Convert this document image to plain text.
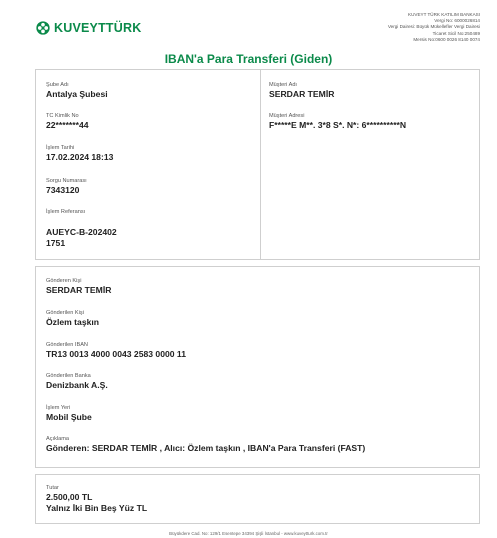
KUVEYTTÜRK
KUVEYT TÜRK KATILIM BANKASI
Vergi No: 6000026814
Vergi Dairesi: Büyük Mükellefler Vergi Dairesi
Ticaret Sicil No:250489
Mersis No:0600 0026 8140 0074
IBAN'a Para Transferi (Giden)
Şube Adı
Antalya Şubesi
TC Kimlik No
22*******44
İşlem Tarihi
17.02.2024 18:13
Sorgu Numarası
7343120
İşlem Referansı
AUEYC-B-202402
1751
Müşteri Adı
SERDAR TEMİR
Müşteri Adresi
F*****E M**. 3*8 S*. N*: 6**********N
Gönderen Kişi
SERDAR TEMİR
Gönderilen Kişi
Özlem taşkın
Gönderilen IBAN
TR13 0013 4000 0043 2583 0000 11
Gönderilen Banka
Denizbank A.Ş.
İşlem Yeri
Mobil Şube
Açıklama
Gönderen: SERDAR TEMİR , Alıcı: Özlem taşkın , IBAN'a Para Transferi (FAST)
Tutar
2.500,00 TL
Yalnız İki Bin Beş Yüz TL
Büyükdere Cad. No: 129/1 Esentepe 34394 Şişli İstanbul - www.kuveytturk.com.tr
